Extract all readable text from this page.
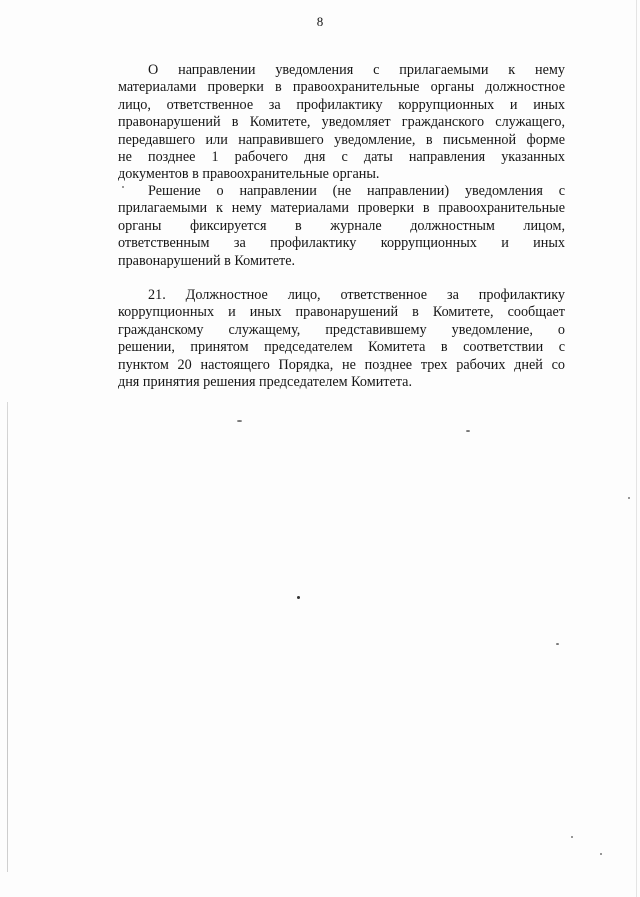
8
О направлении уведомления с прилагаемыми к нему
материалами проверки в правоохранительные органы должностное
лицо, ответственное за профилактику коррупционных и иных
правонарушений в Комитете, уведомляет гражданского служащего,
передавшего или направившего уведомление, в письменной форме
не позднее 1 рабочего дня с даты направления указанных
документов в правоохранительные органы.
Решение о направлении (не направлении) уведомления с
прилагаемыми к нему материалами проверки в правоохранительные
органы фиксируется в журнале должностным лицом,
ответственным за профилактику коррупционных и иных
правонарушений в Комитете.
21. Должностное лицо, ответственное за профилактику
коррупционных и иных правонарушений в Комитете, сообщает
гражданскому служащему, представившему уведомление, о
решении, принятом председателем Комитета в соответствии с
пунктом 20 настоящего Порядка, не позднее трех рабочих дней со
дня принятия решения председателем Комитета.
